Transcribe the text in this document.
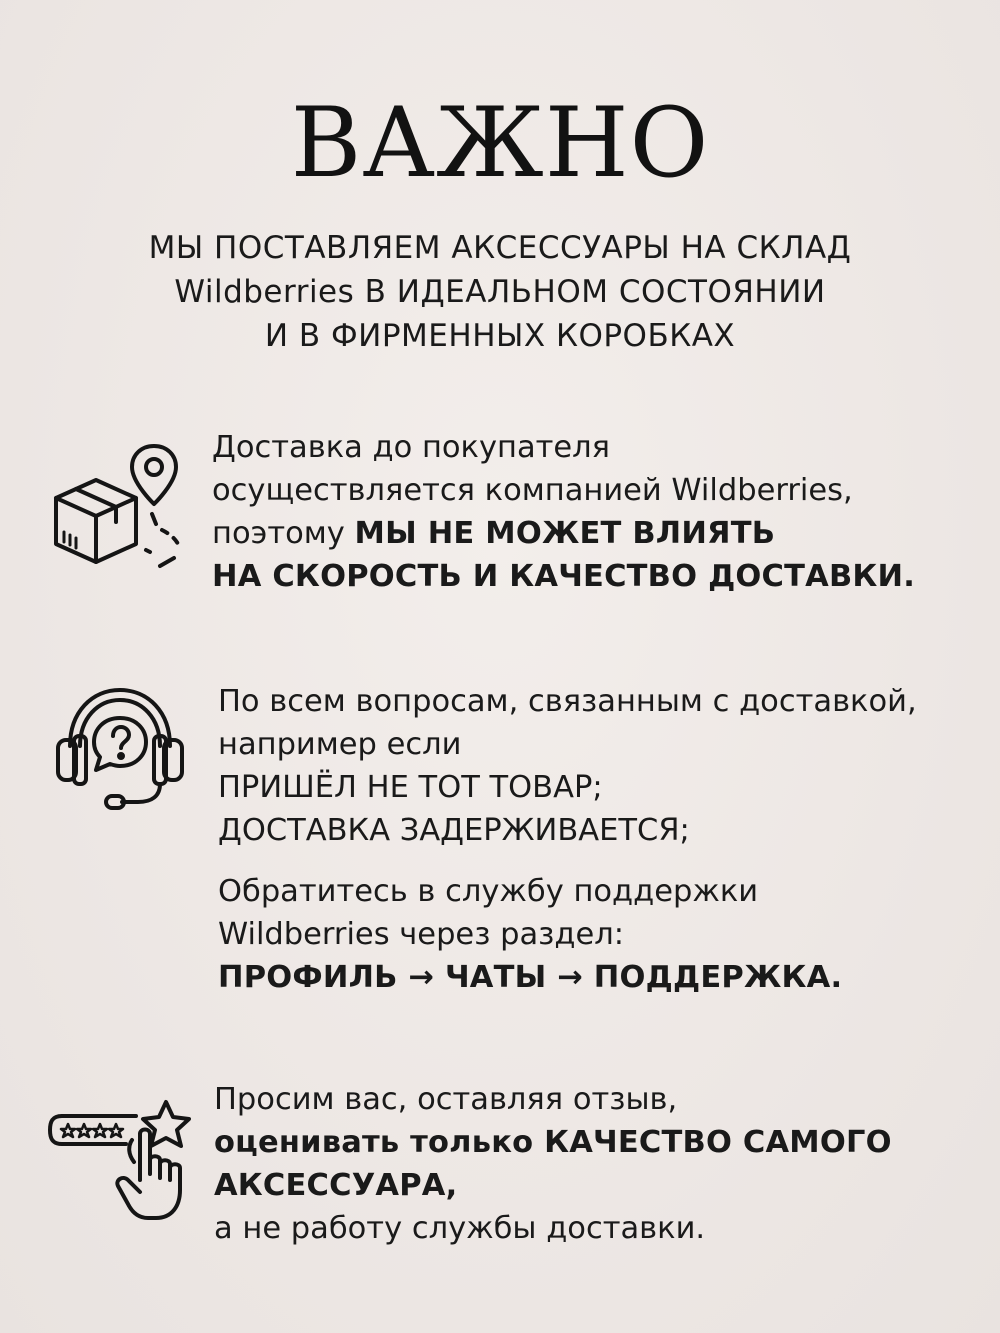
ВАЖНО
МЫ ПОСТАВЛЯЕМ АКСЕССУАРЫ НА СКЛАД
Wildberries В ИДЕАЛЬНОМ СОСТОЯНИИ
И В ФИРМЕННЫХ КОРОБКАХ
Доставка до покупателя
осуществляется компанией Wildberries,
поэтому МЫ НЕ МОЖЕТ ВЛИЯТЬ
НА СКОРОСТЬ И КАЧЕСТВО ДОСТАВКИ.
По всем вопросам, связанным с доставкой,
например если
ПРИШЁЛ НЕ ТОТ ТОВАР;
ДОСТАВКА ЗАДЕРЖИВАЕТСЯ;
Обратитесь в службу поддержки
Wildberries через раздел:
ПРОФИЛЬ → ЧАТЫ → ПОДДЕРЖКА.
Просим вас, оставляя отзыв,
оценивать только КАЧЕСТВО САМОГО
АКСЕССУАРА,
а не работу службы доставки.
